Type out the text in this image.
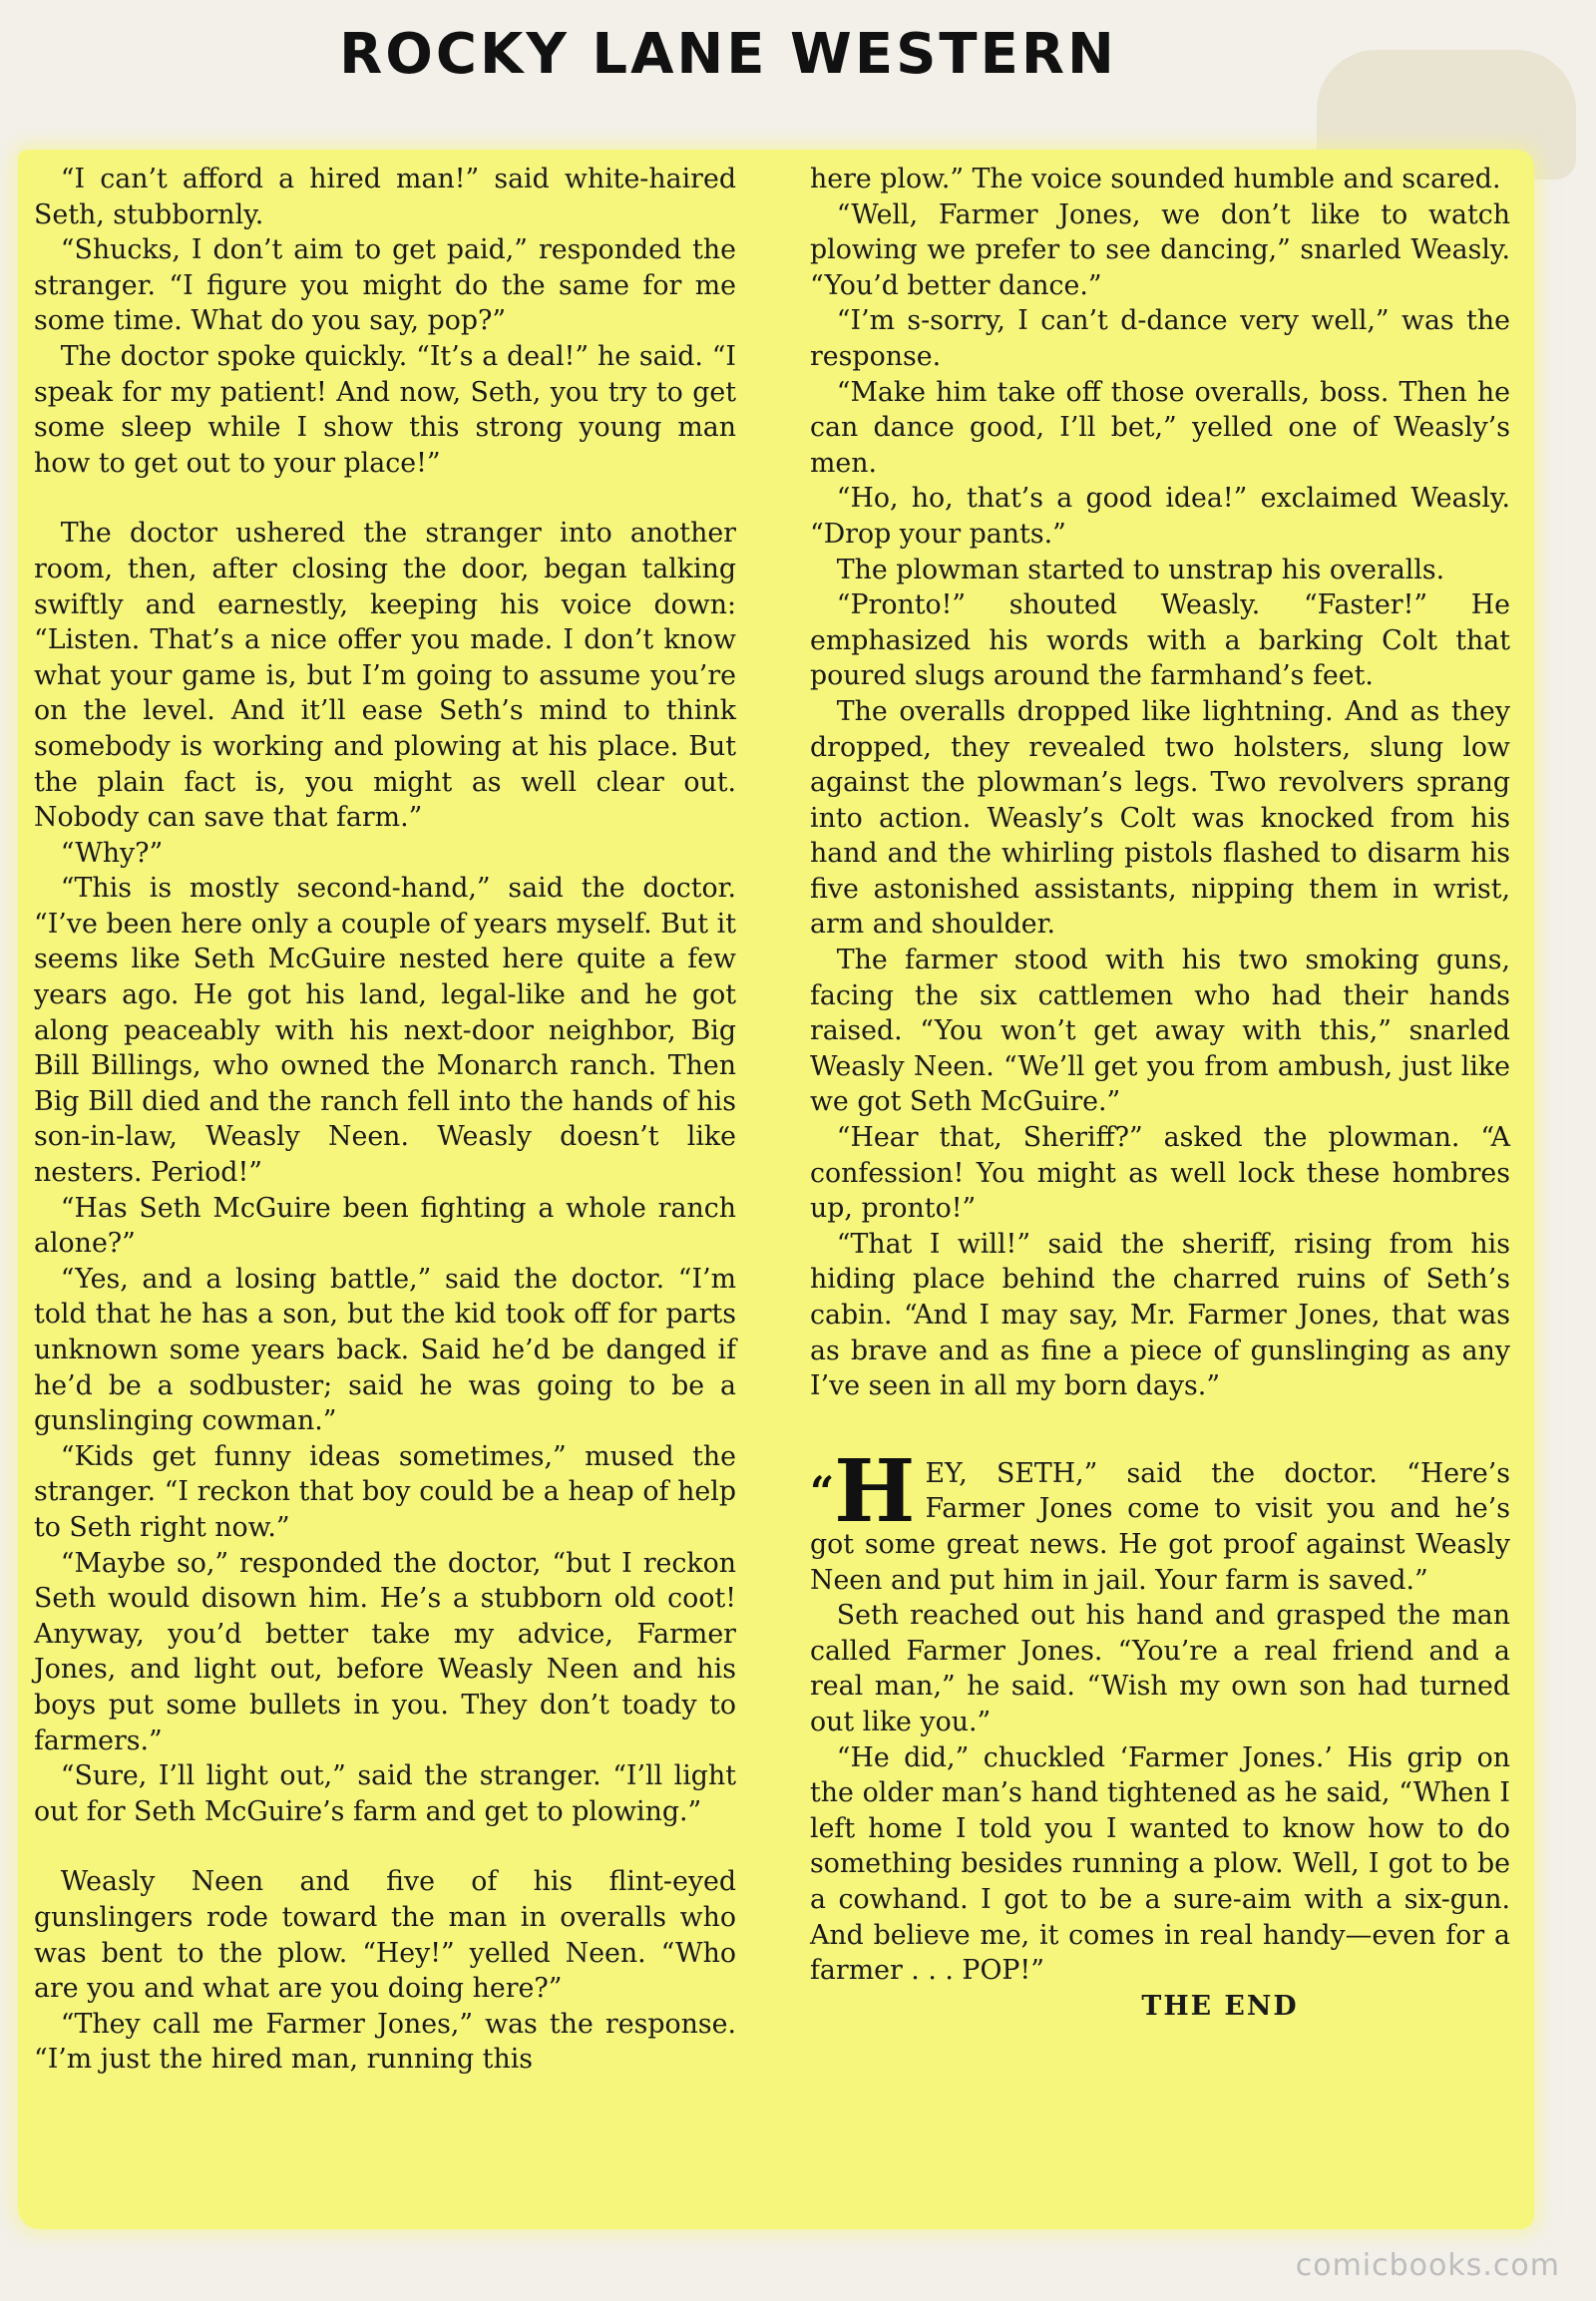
ROCKY LANE WESTERN

“I can’t afford a hired man!” said white-haired Seth, stubbornly.

“Shucks, I don’t aim to get paid,” responded the stranger. “I figure you might do the same for me some time. What do you say, pop?”

The doctor spoke quickly. “It’s a deal!” he said. “I speak for my patient! And now, Seth, you try to get some sleep while I show this strong young man how to get out to your place!”

The doctor ushered the stranger into another room, then, after closing the door, began talking swiftly and earnestly, keeping his voice down: “Listen. That’s a nice offer you made. I don’t know what your game is, but I’m going to assume you’re on the level. And it’ll ease Seth’s mind to think somebody is working and plowing at his place. But the plain fact is, you might as well clear out. Nobody can save that farm.”

“Why?”

“This is mostly second-hand,” said the doctor. “I’ve been here only a couple of years myself. But it seems like Seth McGuire nested here quite a few years ago. He got his land, legal-like and he got along peaceably with his next-door neighbor, Big Bill Billings, who owned the Monarch ranch. Then Big Bill died and the ranch fell into the hands of his son-in-law, Weasly Neen. Weasly doesn’t like nesters. Period!”

“Has Seth McGuire been fighting a whole ranch alone?”

“Yes, and a losing battle,” said the doctor. “I’m told that he has a son, but the kid took off for parts unknown some years back. Said he’d be danged if he’d be a sodbuster; said he was going to be a gunslinging cowman.”

“Kids get funny ideas sometimes,” mused the stranger. “I reckon that boy could be a heap of help to Seth right now.”

“Maybe so,” responded the doctor, “but I reckon Seth would disown him. He’s a stubborn old coot! Anyway, you’d better take my advice, Farmer Jones, and light out, before Weasly Neen and his boys put some bullets in you. They don’t toady to farmers.”

“Sure, I’ll light out,” said the stranger. “I’ll light out for Seth McGuire’s farm and get to plowing.”

Weasly Neen and five of his flint-eyed gunslingers rode toward the man in overalls who was bent to the plow. “Hey!” yelled Neen. “Who are you and what are you doing here?”

“They call me Farmer Jones,” was the response. “I’m just the hired man, running this

here plow.” The voice sounded humble and scared.

“Well, Farmer Jones, we don’t like to watch plowing we prefer to see dancing,” snarled Weasly. “You’d better dance.”

“I’m s-sorry, I can’t d-dance very well,” was the response.

“Make him take off those overalls, boss. Then he can dance good, I’ll bet,” yelled one of Weasly’s men.

“Ho, ho, that’s a good idea!” exclaimed Weasly. “Drop your pants.”

The plowman started to unstrap his overalls.

“Pronto!” shouted Weasly. “Faster!” He emphasized his words with a barking Colt that poured slugs around the farmhand’s feet.

The overalls dropped like lightning. And as they dropped, they revealed two holsters, slung low against the plowman’s legs. Two revolvers sprang into action. Weasly’s Colt was knocked from his hand and the whirling pistols flashed to disarm his five astonished assistants, nipping them in wrist, arm and shoulder.

The farmer stood with his two smoking guns, facing the six cattlemen who had their hands raised. “You won’t get away with this,” snarled Weasly Neen. “We’ll get you from ambush, just like we got Seth McGuire.”

“Hear that, Sheriff?” asked the plowman. “A confession! You might as well lock these hombres up, pronto!”

“That I will!” said the sheriff, rising from his hiding place behind the charred ruins of Seth’s cabin. “And I may say, Mr. Farmer Jones, that was as brave and as fine a piece of gunslinging as any I’ve seen in all my born days.”

“H EY, SETH,” said the doctor. “Here’s Farmer Jones come to visit you and he’s got some great news. He got proof against Weasly Neen and put him in jail. Your farm is saved.”

Seth reached out his hand and grasped the man called Farmer Jones. “You’re a real friend and a real man,” he said. “Wish my own son had turned out like you.”

“He did,” chuckled ‘Farmer Jones.’ His grip on the older man’s hand tightened as he said, “When I left home I told you I wanted to know how to do something besides running a plow. Well, I got to be a cowhand. I got to be a sure-aim with a six-gun. And believe me, it comes in real handy—even for a farmer . . . POP!”

THE END

comicbooks.com
